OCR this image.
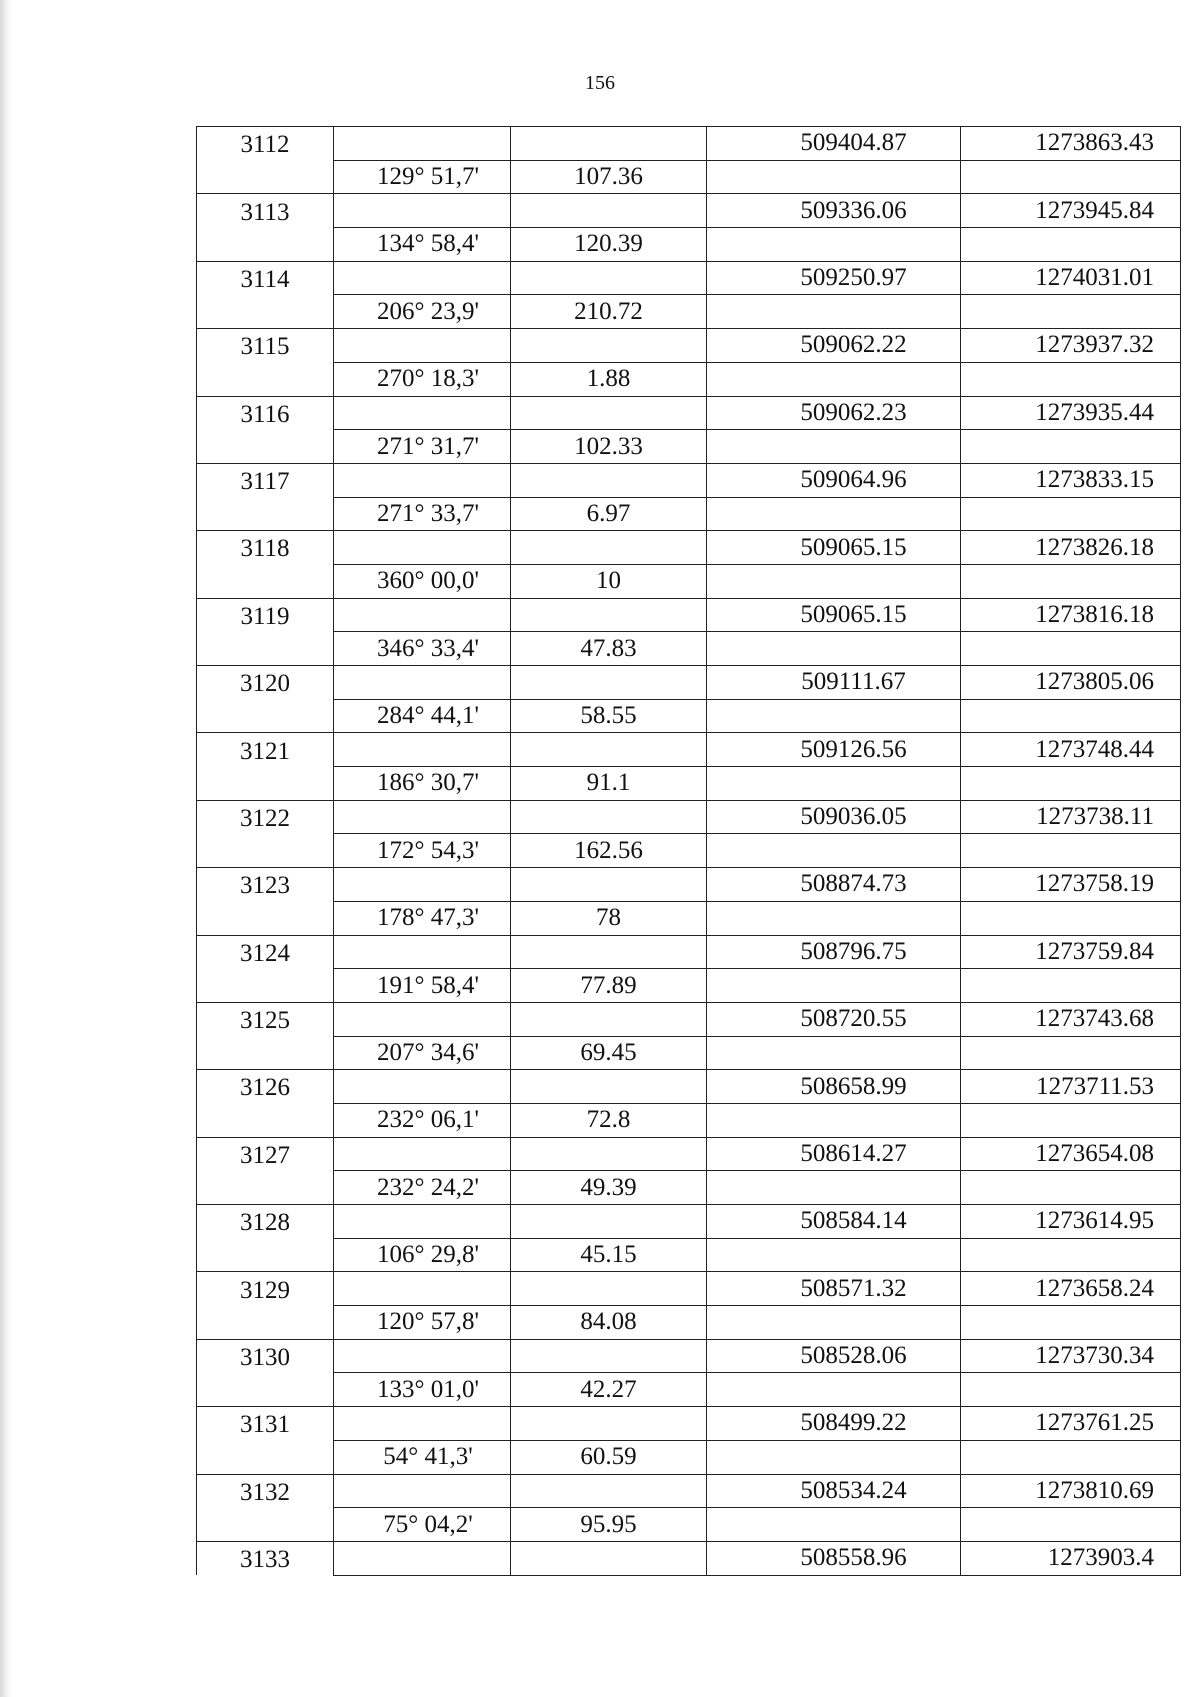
156
3112			509404.87	1273863.43
	129° 51,7'	107.36		
3113			509336.06	1273945.84
	134° 58,4'	120.39		
3114			509250.97	1274031.01
	206° 23,9'	210.72		
3115			509062.22	1273937.32
	270° 18,3'	1.88		
3116			509062.23	1273935.44
	271° 31,7'	102.33		
3117			509064.96	1273833.15
	271° 33,7'	6.97		
3118			509065.15	1273826.18
	360° 00,0'	10		
3119			509065.15	1273816.18
	346° 33,4'	47.83		
3120			509111.67	1273805.06
	284° 44,1'	58.55		
3121			509126.56	1273748.44
	186° 30,7'	91.1		
3122			509036.05	1273738.11
	172° 54,3'	162.56		
3123			508874.73	1273758.19
	178° 47,3'	78		
3124			508796.75	1273759.84
	191° 58,4'	77.89		
3125			508720.55	1273743.68
	207° 34,6'	69.45		
3126			508658.99	1273711.53
	232° 06,1'	72.8		
3127			508614.27	1273654.08
	232° 24,2'	49.39		
3128			508584.14	1273614.95
	106° 29,8'	45.15		
3129			508571.32	1273658.24
	120° 57,8'	84.08		
3130			508528.06	1273730.34
	133° 01,0'	42.27		
3131			508499.22	1273761.25
	54° 41,3'	60.59		
3132			508534.24	1273810.69
	75° 04,2'	95.95		
3133			508558.96	1273903.4
